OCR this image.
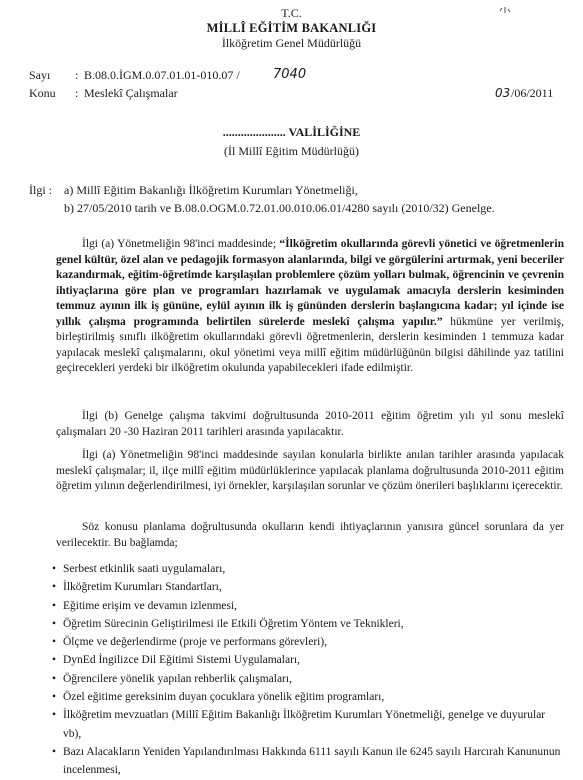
T.C.
MİLLÎ EĞİTİM BAKANLIĞI
İlköğretim Genel Müdürlüğü
Sayı : B.08.0.İGM.0.07.01.01-010.07 /	7040
Konu : Meslekî Çalışmalar	03 /06/2011
..................... VALİLİĞİNE
(İl Millî Eğitim Müdürlüğü)
İlgi : a) Millî Eğitim Bakanlığı İlköğretim Kurumları Yönetmeliği,
b) 27/05/2010 tarih ve B.08.0.OGM.0.72.01.00.010.06.01/4280 sayılı (2010/32) Genelge.
İlgi (a) Yönetmeliğin 98'inci maddesinde; “İlköğretim okullarında görevli yönetici ve öğretmenlerin genel kültür, özel alan ve pedagojik formasyon alanlarında, bilgi ve görgülerini artırmak, yeni beceriler kazandırmak, eğitim-öğretimde karşılaşılan problemlere çözüm yolları bulmak, öğrencinin ve çevrenin ihtiyaçlarına göre plan ve programları hazırlamak ve uygulamak amacıyla derslerin kesiminden temmuz ayının ilk iş gününe, eylül ayının ilk iş gününden derslerin başlangıcına kadar; yıl içinde ise yıllık çalışma programında belirtilen sürelerde meslekî çalışma yapılır.” hükmüne yer verilmiş, birleştirilmiş sınıflı ilköğretim okullarındaki görevli öğretmenlerin, derslerin kesiminden 1 temmuza kadar yapılacak meslekî çalışmalarını, okul yönetimi veya millî eğitim müdürlüğünün bilgisi dâhilinde yaz tatilini geçirecekleri yerdeki bir ilköğretim okulunda yapabilecekleri ifade edilmiştir.
İlgi (b) Genelge çalışma takvimi doğrultusunda 2010-2011 eğitim öğretim yılı yıl sonu meslekî çalışmaları 20 -30 Haziran 2011 tarihleri arasında yapılacaktır.
İlgi (a) Yönetmeliğin 98'inci maddesinde sayılan konularla birlikte anılan tarihler arasında yapılacak meslekî çalışmalar; il, ilçe millî eğitim müdürlüklerince yapılacak planlama doğrultusunda 2010-2011 eğitim öğretim yılının değerlendirilmesi, iyi örnekler, karşılaşılan sorunlar ve çözüm önerileri başlıklarını içerecektir.
Söz konusu planlama doğrultusunda okulların kendi ihtiyaçlarının yanısıra güncel sorunlara da yer verilecektir. Bu bağlamda;
• Serbest etkinlik saati uygulamaları,
• İlköğretim Kurumları Standartları,
• Eğitime erişim ve devamın izlenmesi,
• Öğretim Sürecinin Geliştirilmesi ile Etkili Öğretim Yöntem ve Teknikleri,
• Ölçme ve değerlendirme (proje ve performans görevleri),
• DynEd İngilizce Dil Eğitimi Sistemi Uygulamaları,
• Öğrencilere yönelik yapılan rehberlik çalışmaları,
• Özel eğitime gereksinim duyan çocuklara yönelik eğitim programları,
• İlköğretim mevzuatları (Millî Eğitim Bakanlığı İlköğretim Kurumları Yönetmeliği, genelge ve duyurular vb),
• Bazı Alacakların Yeniden Yapılandırılması Hakkında 6111 sayılı Kanun ile 6245 sayılı Harcırah Kanununun incelenmesi,
